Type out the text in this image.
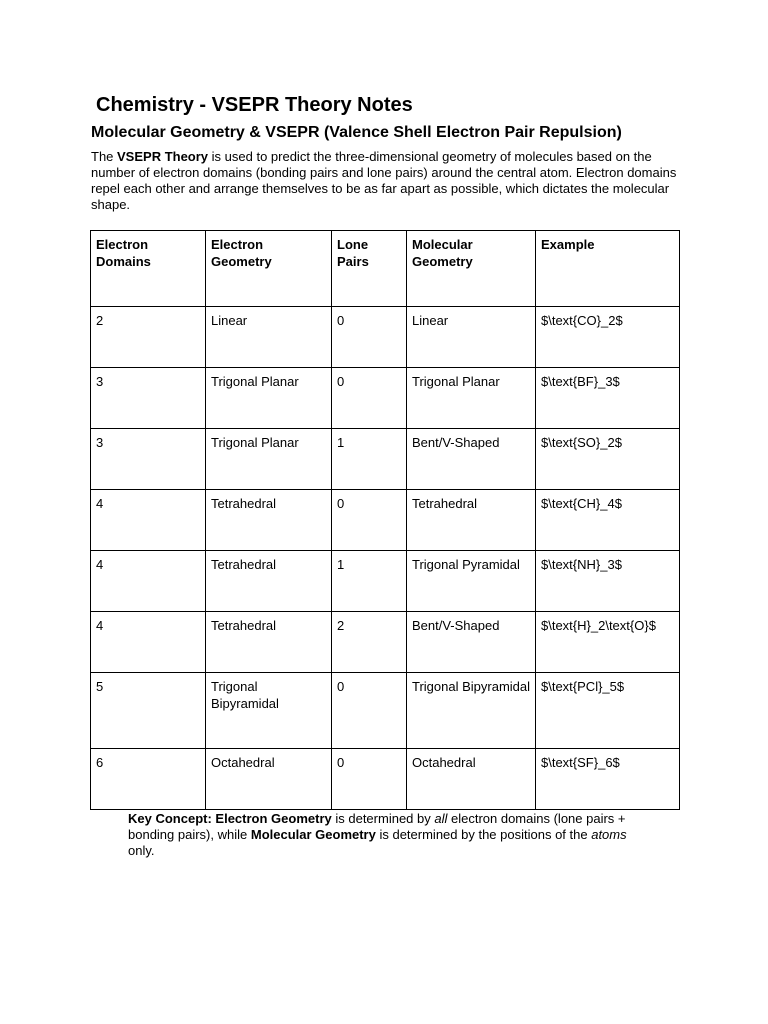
Chemistry - VSEPR Theory Notes
Molecular Geometry & VSEPR (Valence Shell Electron Pair Repulsion)

The VSEPR Theory is used to predict the three-dimensional geometry of molecules based on the number of electron domains (bonding pairs and lone pairs) around the central atom. Electron domains repel each other and arrange themselves to be as far apart as possible, which dictates the molecular shape.

Electron Domains	Electron Geometry	Lone Pairs	Molecular Geometry	Example
2	Linear	0	Linear	$\text{CO}_2$
3	Trigonal Planar	0	Trigonal Planar	$\text{BF}_3$
3	Trigonal Planar	1	Bent/V-Shaped	$\text{SO}_2$
4	Tetrahedral	0	Tetrahedral	$\text{CH}_4$
4	Tetrahedral	1	Trigonal Pyramidal	$\text{NH}_3$
4	Tetrahedral	2	Bent/V-Shaped	$\text{H}_2\text{O}$
5	Trigonal Bipyramidal	0	Trigonal Bipyramidal	$\text{PCl}_5$
6	Octahedral	0	Octahedral	$\text{SF}_6$

Key Concept: Electron Geometry is determined by all electron domains (lone pairs + bonding pairs), while Molecular Geometry is determined by the positions of the atoms only.
